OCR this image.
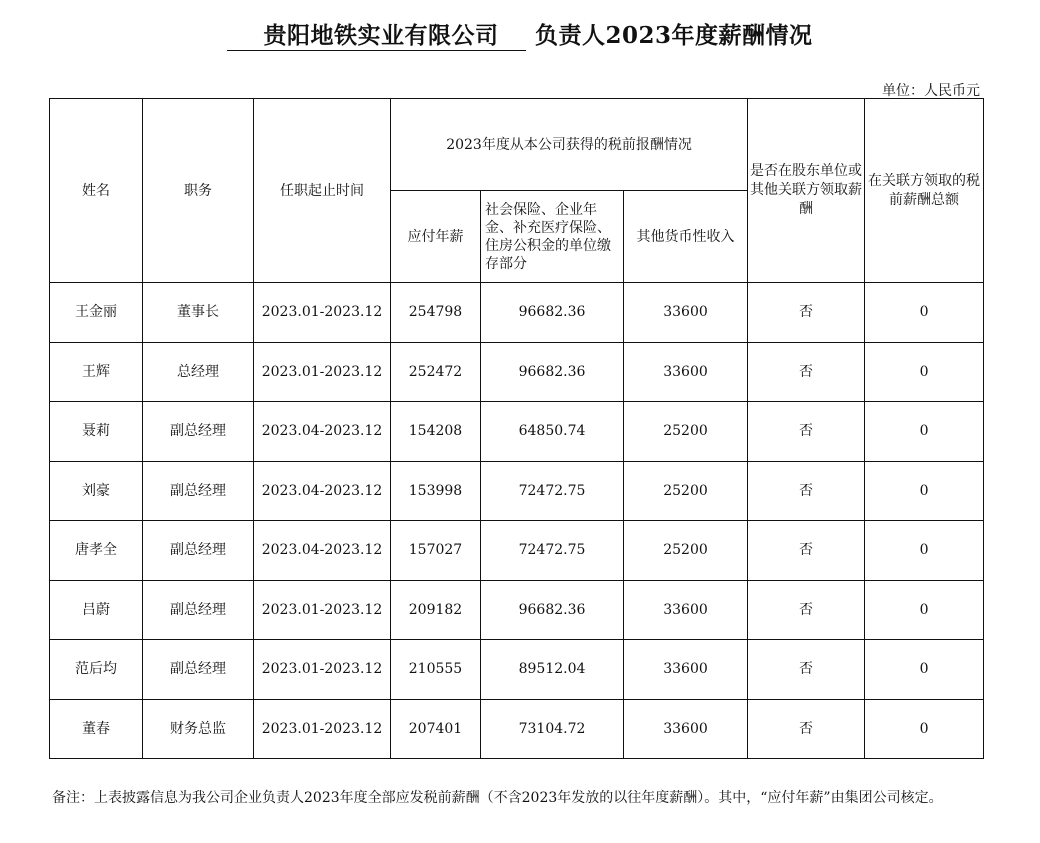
贵阳地铁实业有限公司 负责人2023年度薪酬情况
单位：人民币元
姓名	职务	任职起止时间	2023年度从本公司获得的税前报酬情况			是否在股东单位或其他关联方领取薪酬	在关联方领取的税前薪酬总额

			应付年薪	社会保险、企业年金、补充医疗保险、住房公积金的单位缴存部分	其他货币性收入		
王金丽	董事长	2023.01-2023.12	254798	96682.36	33600	否	0
王辉	总经理	2023.01-2023.12	252472	96682.36	33600	否	0
聂莉	副总经理	2023.04-2023.12	154208	64850.74	25200	否	0
刘豪	副总经理	2023.04-2023.12	153998	72472.75	25200	否	0
唐孝全	副总经理	2023.04-2023.12	157027	72472.75	25200	否	0
吕蔚	副总经理	2023.01-2023.12	209182	96682.36	33600	否	0
范后均	副总经理	2023.01-2023.12	210555	89512.04	33600	否	0
董春	财务总监	2023.01-2023.12	207401	73104.72	33600	否	0
备注：上表披露信息为我公司企业负责人2023年度全部应发税前薪酬（不含2023年发放的以往年度薪酬）。其中，“应付年薪”由集团公司核定。
